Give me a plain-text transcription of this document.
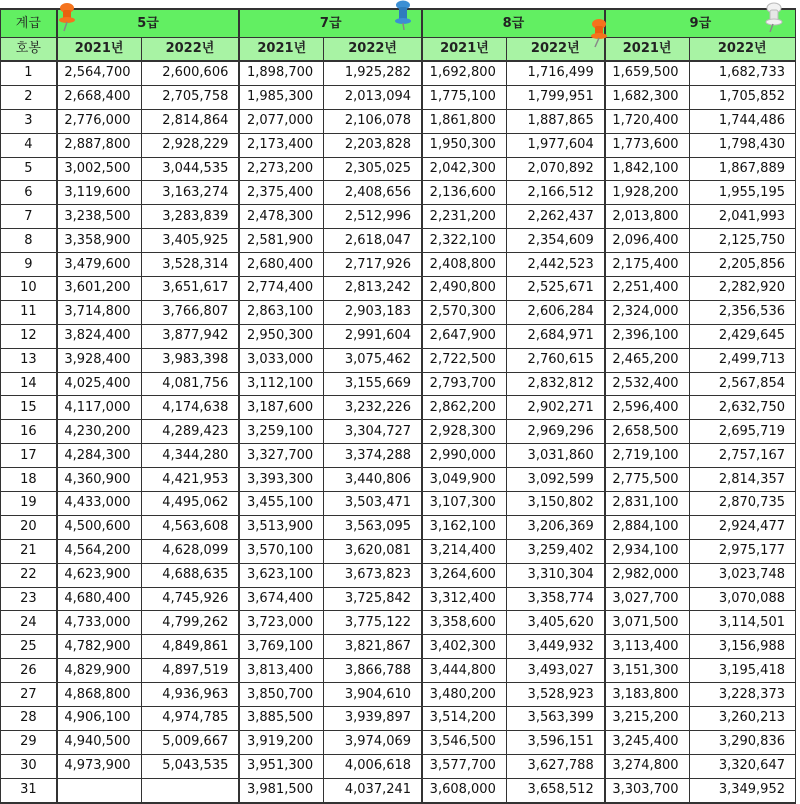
계급	5급		7급		8급		9급	
호봉	2021년	2022년	2021년	2022년	2021년	2022년	2021년	2022년
1	2,564,700	2,600,606	1,898,700	1,925,282	1,692,800	1,716,499	1,659,500	1,682,733
2	2,668,400	2,705,758	1,985,300	2,013,094	1,775,100	1,799,951	1,682,300	1,705,852
3	2,776,000	2,814,864	2,077,000	2,106,078	1,861,800	1,887,865	1,720,400	1,744,486
4	2,887,800	2,928,229	2,173,400	2,203,828	1,950,300	1,977,604	1,773,600	1,798,430
5	3,002,500	3,044,535	2,273,200	2,305,025	2,042,300	2,070,892	1,842,100	1,867,889
6	3,119,600	3,163,274	2,375,400	2,408,656	2,136,600	2,166,512	1,928,200	1,955,195
7	3,238,500	3,283,839	2,478,300	2,512,996	2,231,200	2,262,437	2,013,800	2,041,993
8	3,358,900	3,405,925	2,581,900	2,618,047	2,322,100	2,354,609	2,096,400	2,125,750
9	3,479,600	3,528,314	2,680,400	2,717,926	2,408,800	2,442,523	2,175,400	2,205,856
10	3,601,200	3,651,617	2,774,400	2,813,242	2,490,800	2,525,671	2,251,400	2,282,920
11	3,714,800	3,766,807	2,863,100	2,903,183	2,570,300	2,606,284	2,324,000	2,356,536
12	3,824,400	3,877,942	2,950,300	2,991,604	2,647,900	2,684,971	2,396,100	2,429,645
13	3,928,400	3,983,398	3,033,000	3,075,462	2,722,500	2,760,615	2,465,200	2,499,713
14	4,025,400	4,081,756	3,112,100	3,155,669	2,793,700	2,832,812	2,532,400	2,567,854
15	4,117,000	4,174,638	3,187,600	3,232,226	2,862,200	2,902,271	2,596,400	2,632,750
16	4,230,200	4,289,423	3,259,100	3,304,727	2,928,300	2,969,296	2,658,500	2,695,719
17	4,284,300	4,344,280	3,327,700	3,374,288	2,990,000	3,031,860	2,719,100	2,757,167
18	4,360,900	4,421,953	3,393,300	3,440,806	3,049,900	3,092,599	2,775,500	2,814,357
19	4,433,000	4,495,062	3,455,100	3,503,471	3,107,300	3,150,802	2,831,100	2,870,735
20	4,500,600	4,563,608	3,513,900	3,563,095	3,162,100	3,206,369	2,884,100	2,924,477
21	4,564,200	4,628,099	3,570,100	3,620,081	3,214,400	3,259,402	2,934,100	2,975,177
22	4,623,900	4,688,635	3,623,100	3,673,823	3,264,600	3,310,304	2,982,000	3,023,748
23	4,680,400	4,745,926	3,674,400	3,725,842	3,312,400	3,358,774	3,027,700	3,070,088
24	4,733,000	4,799,262	3,723,000	3,775,122	3,358,600	3,405,620	3,071,500	3,114,501
25	4,782,900	4,849,861	3,769,100	3,821,867	3,402,300	3,449,932	3,113,400	3,156,988
26	4,829,900	4,897,519	3,813,400	3,866,788	3,444,800	3,493,027	3,151,300	3,195,418
27	4,868,800	4,936,963	3,850,700	3,904,610	3,480,200	3,528,923	3,183,800	3,228,373
28	4,906,100	4,974,785	3,885,500	3,939,897	3,514,200	3,563,399	3,215,200	3,260,213
29	4,940,500	5,009,667	3,919,200	3,974,069	3,546,500	3,596,151	3,245,400	3,290,836
30	4,973,900	5,043,535	3,951,300	4,006,618	3,577,700	3,627,788	3,274,800	3,320,647
31			3,981,500	4,037,241	3,608,000	3,658,512	3,303,700	3,349,952
